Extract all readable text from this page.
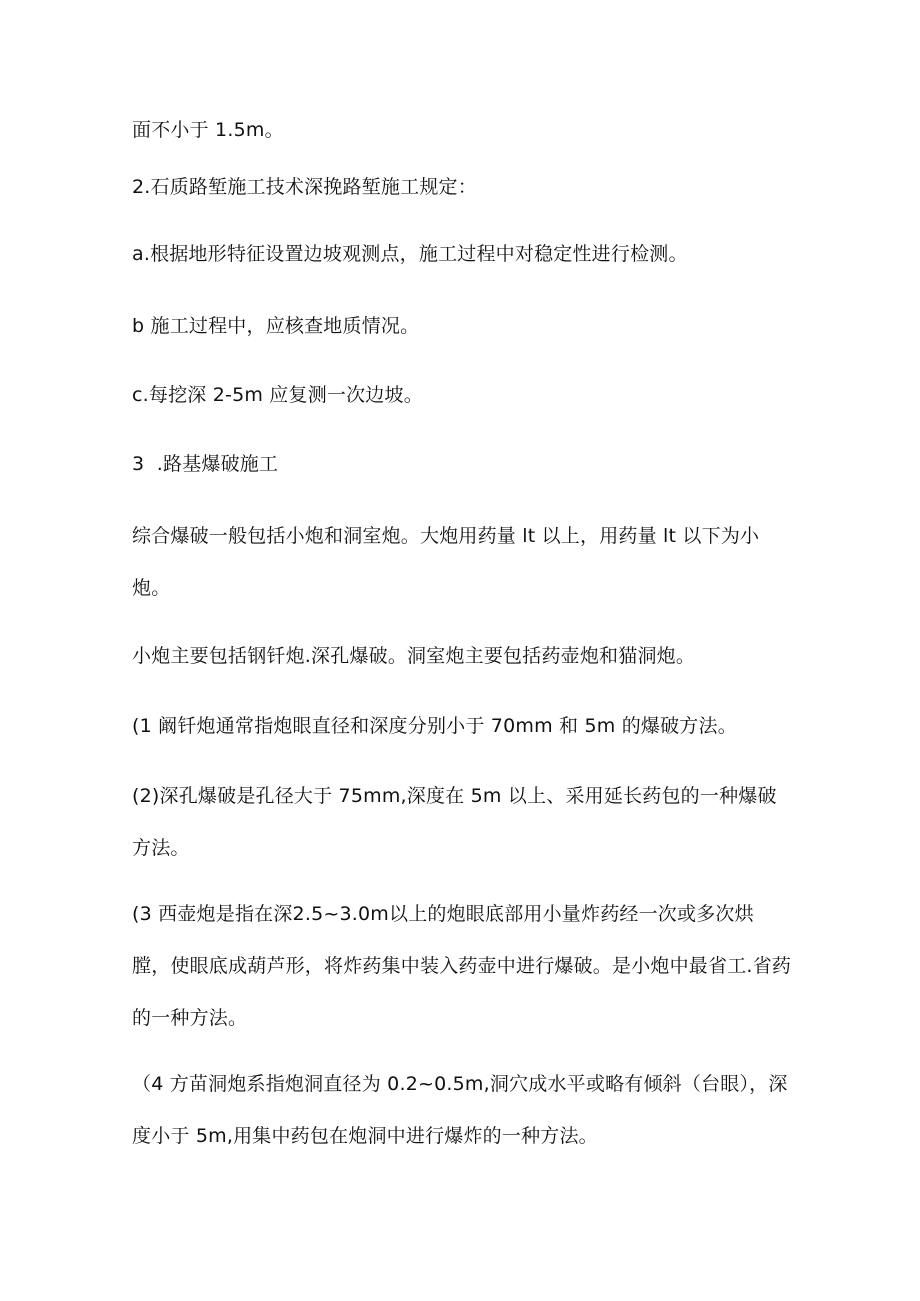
面不小于 1.5m。

2.石质路堑施工技术深挽路堑施工规定：

a.根据地形特征设置边坡观测点，施工过程中对稳定性进行检测。

b 施工过程中，应核查地质情况。

c.每挖深 2-5m 应复测一次边坡。

3  .路基爆破施工

综合爆破一般包括小炮和洞室炮。大炮用药量 lt 以上，用药量 lt 以下为小炮。

小炮主要包括钢钎炮.深孔爆破。洞室炮主要包括药壶炮和猫洞炮。

(1 阚钎炮通常指炮眼直径和深度分别小于 70mm 和 5m 的爆破方法。

(2)深孔爆破是孔径大于 75mm,深度在 5m 以上、采用延长药包的一种爆破方法。

(3 西壶炮是指在深2.5~3.0m以上的炮眼底部用小量炸药经一次或多次烘膛，使眼底成葫芦形，将炸药集中装入药壶中进行爆破。是小炮中最省工.省药的一种方法。

（4 方苗洞炮系指炮洞直径为 0.2~0.5m,洞穴成水平或略有倾斜（台眼），深度小于 5m,用集中药包在炮洞中进行爆炸的一种方法。
